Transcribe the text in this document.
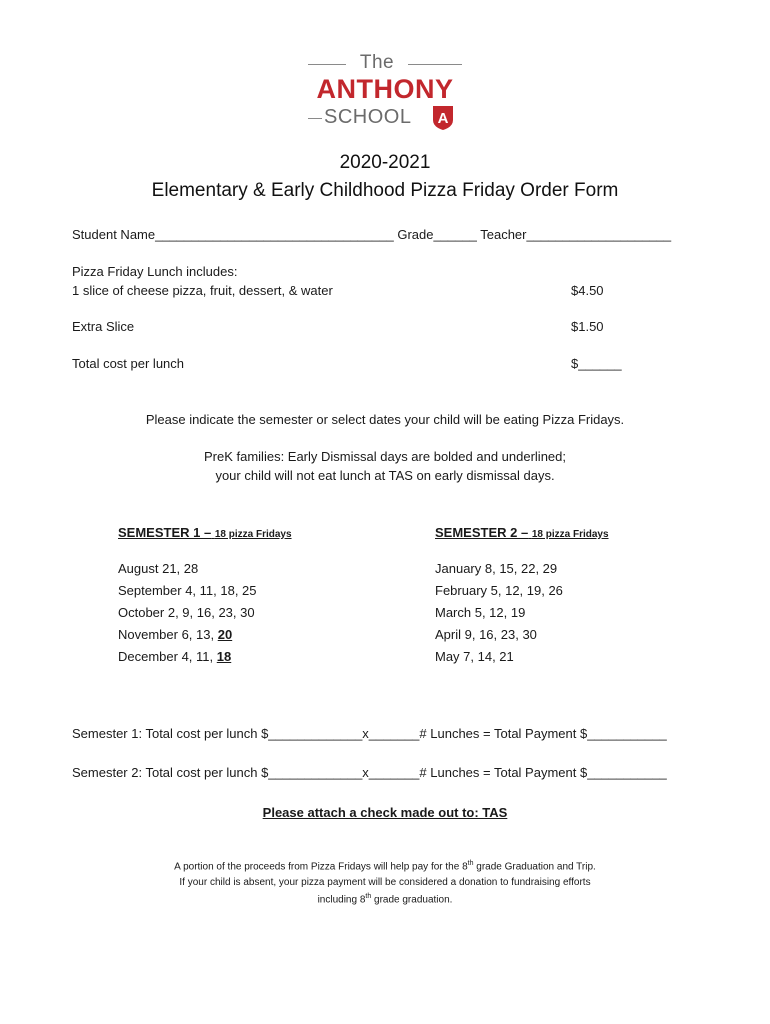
The
ANTHONY
SCHOOL A
2020-2021
Elementary & Early Childhood Pizza Friday Order Form
Student Name_________________________________ Grade______ Teacher____________________
Pizza Friday Lunch includes:
1 slice of cheese pizza, fruit, dessert, & water	$4.50
Extra Slice	$1.50
Total cost per lunch	$______
Please indicate the semester or select dates your child will be eating Pizza Fridays.
PreK families: Early Dismissal days are bolded and underlined;
your child will not eat lunch at TAS on early dismissal days.
SEMESTER 1 – 18 pizza Fridays
August 21, 28
September 4, 11, 18, 25
October 2, 9, 16, 23, 30
November 6, 13, 20
December 4, 11, 18
SEMESTER 2 – 18 pizza Fridays
January 8, 15, 22, 29
February 5, 12, 19, 26
March 5, 12, 19
April 9, 16, 23, 30
May 7, 14, 21
Semester 1: Total cost per lunch $_____________x_______# Lunches = Total Payment $___________
Semester 2: Total cost per lunch $_____________x_______# Lunches = Total Payment $___________
Please attach a check made out to: TAS
A portion of the proceeds from Pizza Fridays will help pay for the 8th grade Graduation and Trip.
If your child is absent, your pizza payment will be considered a donation to fundraising efforts
including 8th grade graduation.
